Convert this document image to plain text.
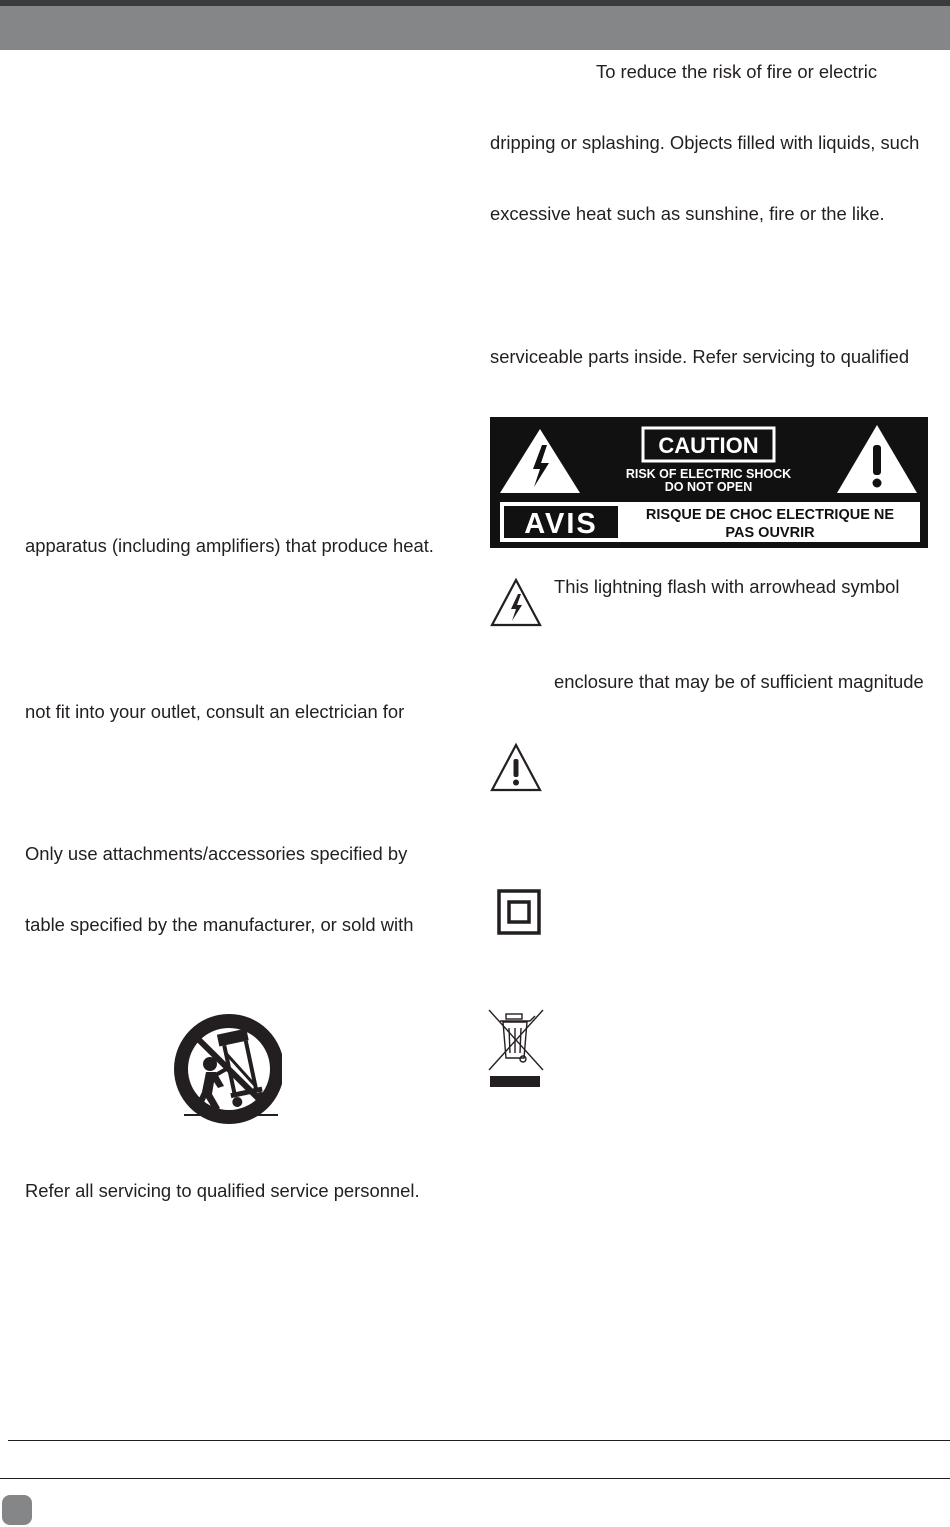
To reduce the risk of fire or electric
dripping or splashing. Objects filled with liquids, such
excessive heat such as sunshine, fire or the like.
serviceable parts inside. Refer servicing to qualified
CAUTION
RISK OF ELECTRIC SHOCK
DO NOT OPEN
AVIS	RISQUE DE CHOC ELECTRIQUE NE
PAS OUVRIR
This lightning flash with arrowhead symbol
enclosure that may be of sufficient magnitude
apparatus (including amplifiers) that produce heat.
not fit into your outlet, consult an electrician for
Only use attachments/accessories specified by
table specified by the manufacturer, or sold with
Refer all servicing to qualified service personnel.
